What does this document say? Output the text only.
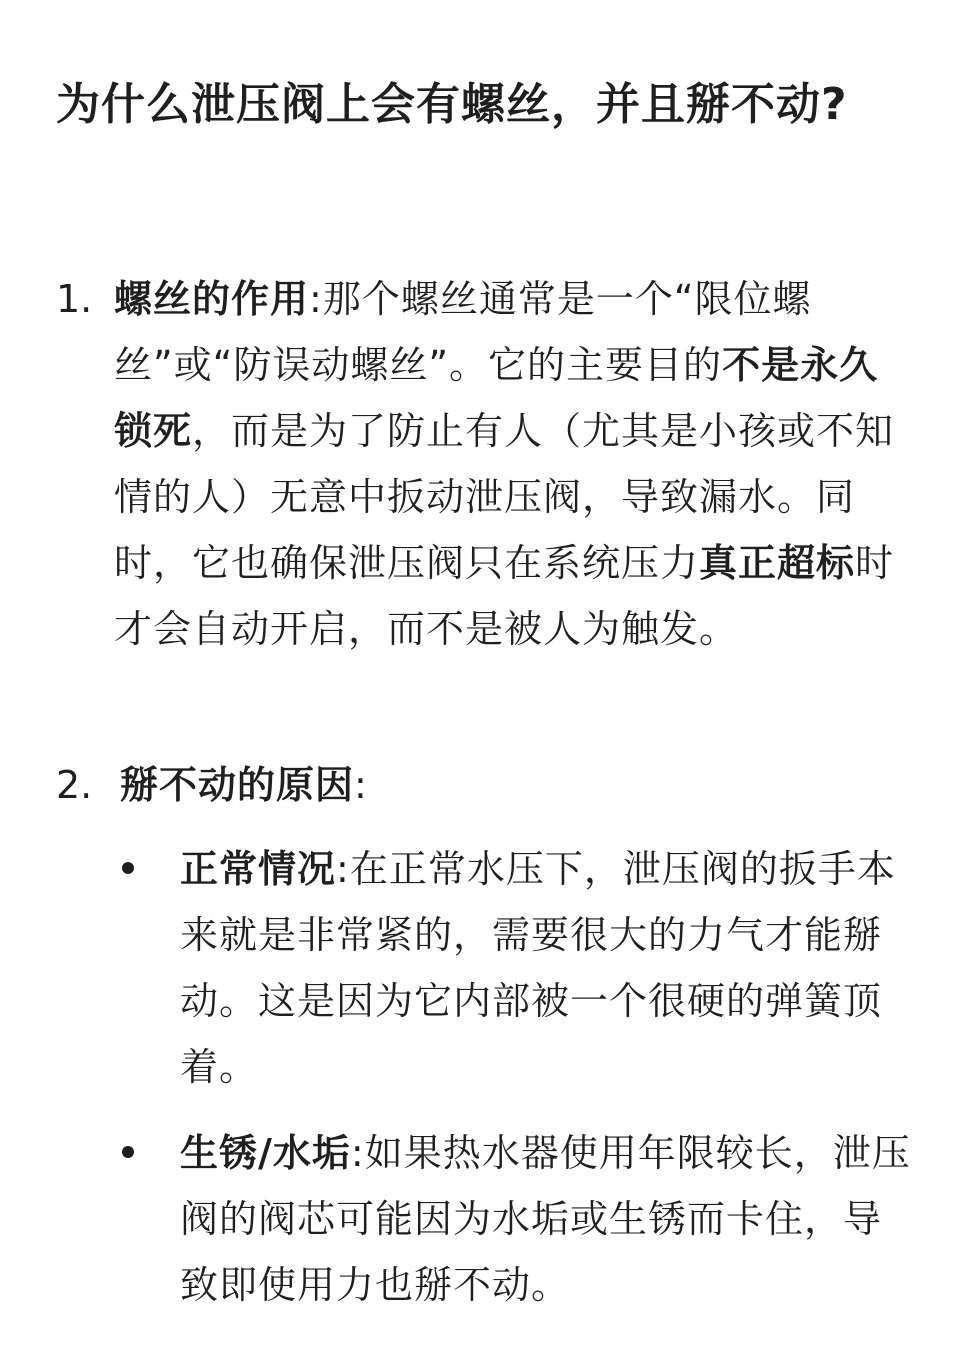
为什么泄压阀上会有螺丝，并且掰不动?
1. 螺丝的作用:那个螺丝通常是一个“限位螺丝”或“防误动螺丝”。它的主要目的不是永久锁死，而是为了防止有人（尤其是小孩或不知情的人）无意中扳动泄压阀，导致漏水。同时，它也确保泄压阀只在系统压力真正超标时才会自动开启，而不是被人为触发。
2. 掰不动的原因:
正常情况:在正常水压下，泄压阀的扳手本来就是非常紧的，需要很大的力气才能掰动。这是因为它内部被一个很硬的弹簧顶着。
生锈/水垢:如果热水器使用年限较长，泄压阀的阀芯可能因为水垢或生锈而卡住，导致即使用力也掰不动。
